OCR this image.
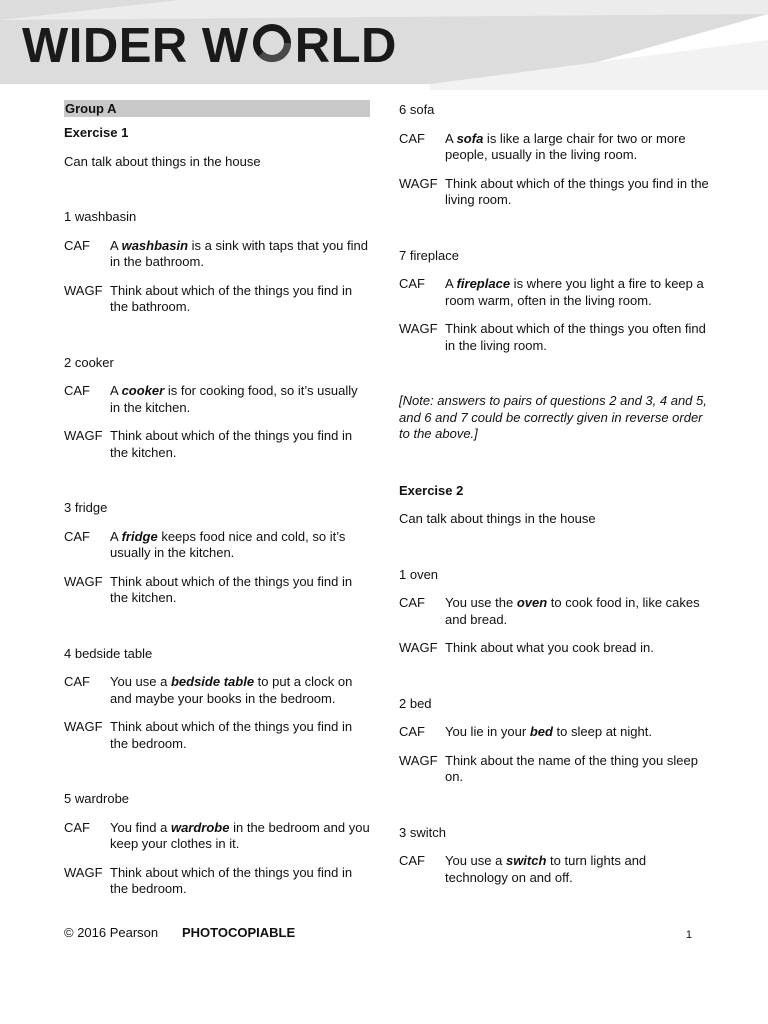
WIDER W RLD
Group A
Exercise 1
Can talk about things in the house
1 washbasin
CAF A washbasin is a sink with taps that you find in the bathroom.
WAGF Think about which of the things you find in the bathroom.
2 cooker
CAF A cooker is for cooking food, so it’s usually in the kitchen.
WAGF Think about which of the things you find in the kitchen.
3 fridge
CAF A fridge keeps food nice and cold, so it’s usually in the kitchen.
WAGF Think about which of the things you find in the kitchen.
4 bedside table
CAF You use a bedside table to put a clock on and maybe your books in the bedroom.
WAGF Think about which of the things you find in the bedroom.
5 wardrobe
CAF You find a wardrobe in the bedroom and you keep your clothes in it.
WAGF Think about which of the things you find in the bedroom.
6 sofa
CAF A sofa is like a large chair for two or more people, usually in the living room.
WAGF Think about which of the things you find in the living room.
7 fireplace
CAF A fireplace is where you light a fire to keep a room warm, often in the living room.
WAGF Think about which of the things you often find in the living room.
[Note: answers to pairs of questions 2 and 3, 4 and 5, and 6 and 7 could be correctly given in reverse order to the above.]
Exercise 2
Can talk about things in the house
1 oven
CAF You use the oven to cook food in, like cakes and bread.
WAGF Think about what you cook bread in.
2 bed
CAF You lie in your bed to sleep at night.
WAGF Think about the name of the thing you sleep on.
3 switch
CAF You use a switch to turn lights and technology on and off.
© 2016 Pearson PHOTOCOPIABLE	1
